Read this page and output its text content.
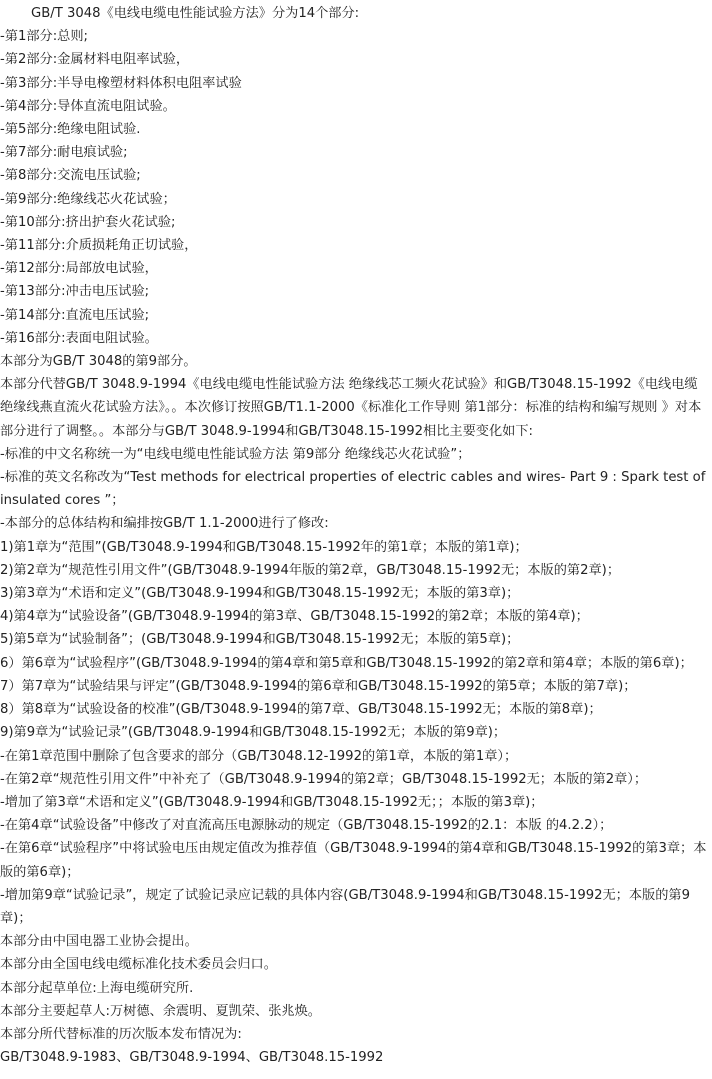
GB/T 3048《电线电缆电性能试验方法》分为14个部分:

-第1部分:总则;

-第2部分:金属材料电阻率试验，

-第3部分:半导电橡塑材料体积电阻率试验

-第4部分:导体直流电阻试验。

-第5部分:绝缘电阻试验.

-第7部分:耐电痕试验;

-第8部分:交流电压试验;

-第9部分:绝缘线芯火花试验；

-第10部分:挤出护套火花试验;

-第11部分:介质损耗角正切试验，

-第12部分:局部放电试验，

-第13部分:冲击电压试验;

-第14部分:直流电压试验;

-第16部分:表面电阻试验。

本部分为GB/T 3048的第9部分。

本部分代替GB/T 3048.9-1994《电线电缆电性能试验方法 绝缘线芯工频火花试验》和GB/T3048.15-1992《电线电缆 绝缘线燕直流火花试验方法》。。本次修订按照GB/T1.1-2000《标准化工作导则 第1部分：标准的结构和编写规则 》对本部分进行了调整。。本部分与GB/T 3048.9-1994和GB/T3048.15-1992相比主要变化如下:

-标准的中文名称统一为“电线电缆电性能试验方法 第9部分 绝缘线芯火花试验”；

-标准的英文名称改为“Test methods for electrical properties of electric cables and wires- Part 9 : Spark test of insulated cores ”；

-本部分的总体结构和编排按GB/T 1.1-2000进行了修改:

1)第1章为“范围”(GB/T3048.9-1994和GB/T3048.15-1992年的第1章；本版的第1章)；

2)第2章为“规范性引用文件”(GB/T3048.9-1994年版的第2章，GB/T3048.15-1992无；本版的第2章)；

3)第3章为“术语和定义”(GB/T3048.9-1994和GB/T3048.15-1992无；本版的第3章)；

4)第4章为“试验设备”(GB/T3048.9-1994的第3章、GB/T3048.15-1992的第2章；本版的第4章)；

5)第5章为“试验制备”；(GB/T3048.9-1994和GB/T3048.15-1992无；本版的第5章)；

6）第6章为“试验程序”(GB/T3048.9-1994的第4章和第5章和GB/T3048.15-1992的第2章和第4章；本版的第6章)；

7）第7章为“试验结果与评定”(GB/T3048.9-1994的第6章和GB/T3048.15-1992的第5章；本版的第7章)；

8）第8章为“试验设备的校准”(GB/T3048.9-1994的第7章、GB/T3048.15-1992无；本版的第8章)；

9)第9章为“试验记录”(GB/T3048.9-1994和GB/T3048.15-1992无；本版的第9章)；

-在第1章范围中删除了包含要求的部分（GB/T3048.12-1992的第1章，本版的第1章）；

-在第2章“规范性引用文件”中补充了（GB/T3048.9-1994的第2章；GB/T3048.15-1992无；本版的第2章）；

-增加了第3章“术语和定义”(GB/T3048.9-1994和GB/T3048.15-1992无；；本版的第3章)；

-在第4章“试验设备”中修改了对直流高压电源脉动的规定（GB/T3048.15-1992的2.1：本版 的4.2.2）；

-在第6章“试验程序”中将试验电压由规定值改为推荐值（GB/T3048.9-1994的第4章和GB/T3048.15-1992的第3章；本版的第6章)；

-增加第9章“试验记录”，规定了试验记录应记载的具体内容(GB/T3048.9-1994和GB/T3048.15-1992无；本版的第9章)；

本部分由中国电器工业协会提出。

本部分由全国电线电缆标准化技术委员会归口。

本部分起草单位:上海电缆研究所.

本部分主要起草人:万树德、余震明、夏凯荣、张兆焕。

本部分所代替标准的历次版本发布情况为:

GB/T3048.9-1983、GB/T3048.9-1994、GB/T3048.15-1992
